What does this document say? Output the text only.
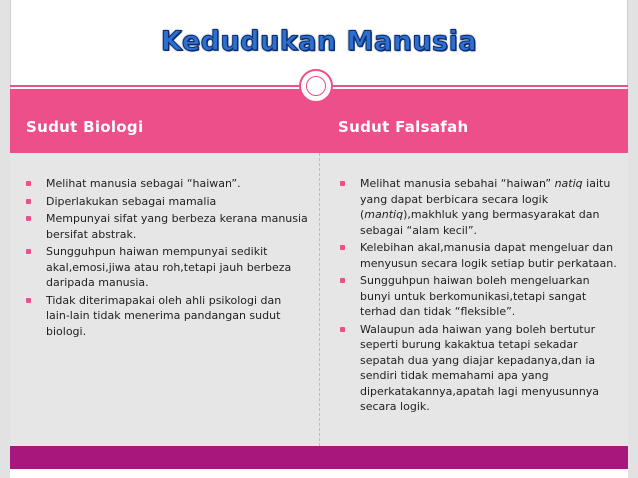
Kedudukan Manusia
Sudut Biologi	Sudut Falsafah
Melihat manusia sebagai “haiwan”.
Diperlakukan sebagai mamalia
Mempunyai sifat yang berbeza kerana manusia bersifat abstrak.
Sungguhpun haiwan mempunyai sedikit akal,emosi,jiwa atau roh,tetapi jauh berbeza daripada manusia.
Tidak diterimapakai oleh ahli psikologi dan lain-lain tidak menerima pandangan sudut biologi.
Melihat manusia sebahai “haiwan” natiq iaitu yang dapat berbicara secara logik (mantiq),makhluk yang bermasyarakat dan sebagai “alam kecil”.
Kelebihan akal,manusia dapat mengeluar dan menyusun secara logik setiap butir perkataan.
Sungguhpun haiwan boleh mengeluarkan bunyi untuk berkomunikasi,tetapi sangat terhad dan tidak “fleksible”.
Walaupun ada haiwan yang boleh bertutur seperti burung kakaktua tetapi sekadar sepatah dua yang diajar kepadanya,dan ia sendiri tidak memahami apa yang diperkatakannya,apatah lagi menyusunnya secara logik.
